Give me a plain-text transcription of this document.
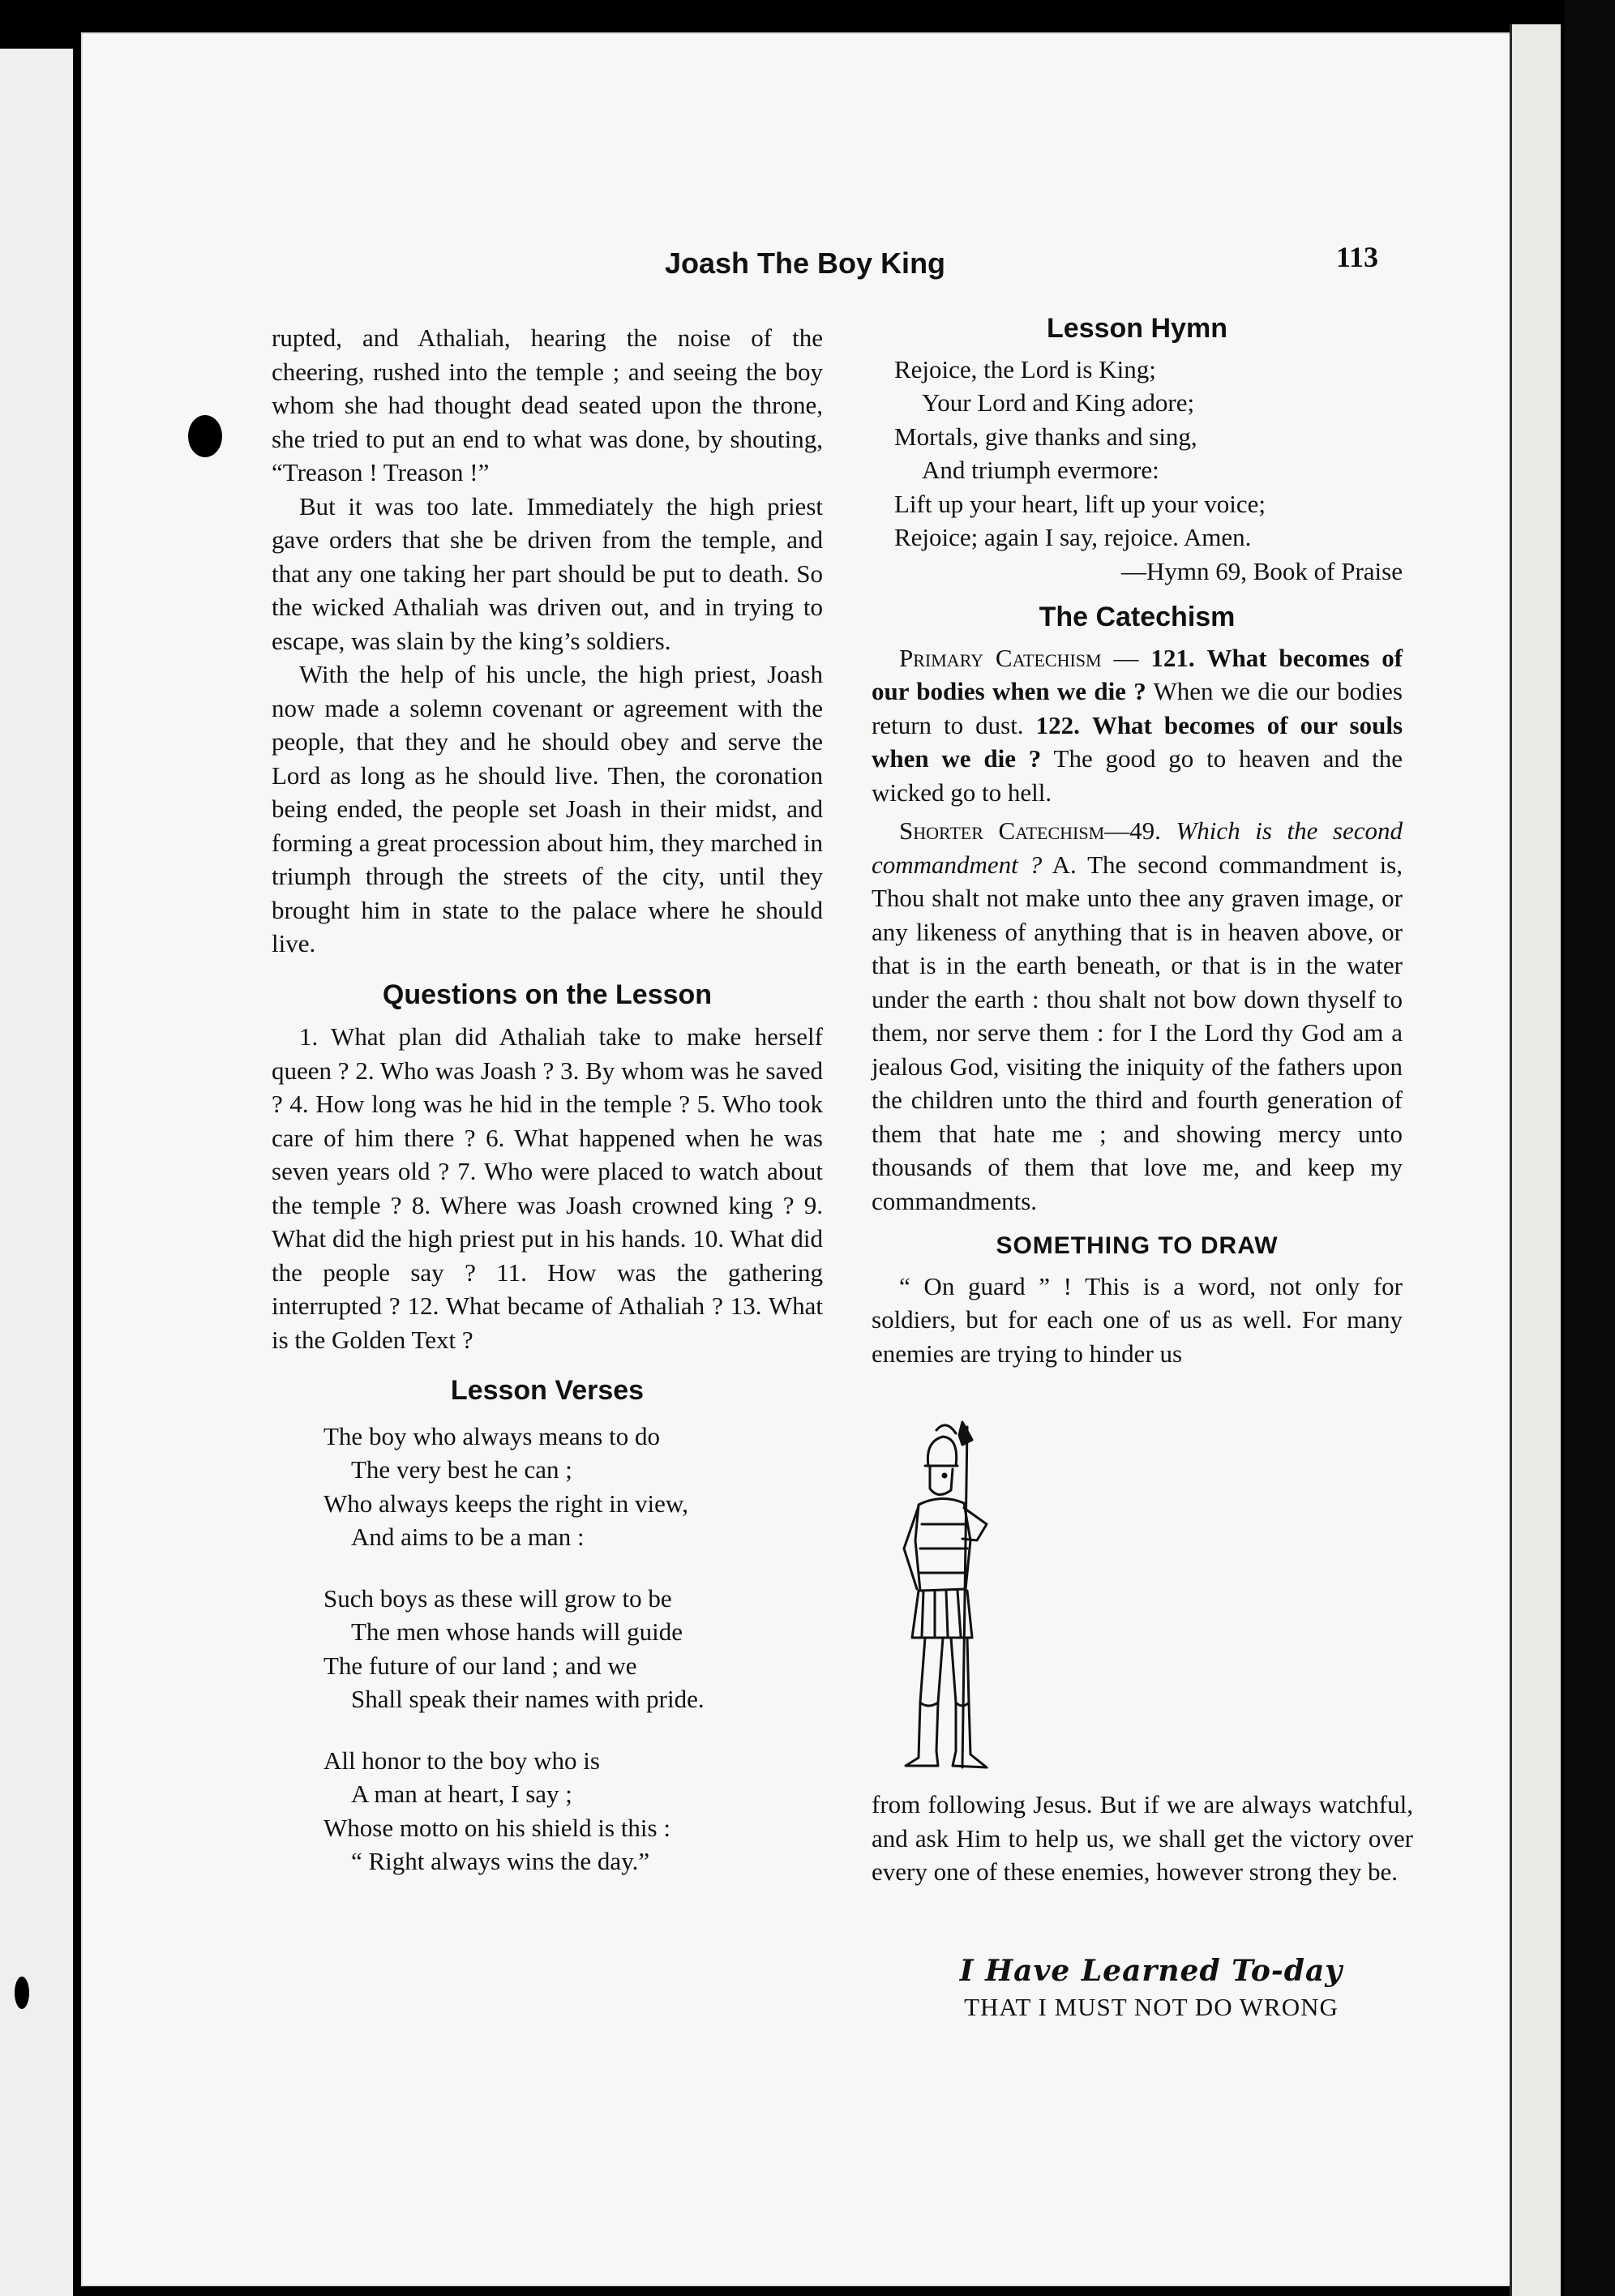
Joash The Boy King	113

rupted, and Athaliah, hearing the noise of the cheering, rushed into the temple ; and seeing the boy whom she had thought dead seated upon the throne, she tried to put an end to what was done, by shouting, “Treason ! Treason !”

But it was too late. Immediately the high priest gave orders that she be driven from the temple, and that any one taking her part should be put to death. So the wicked Athaliah was driven out, and in trying to escape, was slain by the king’s soldiers.

With the help of his uncle, the high priest, Joash now made a solemn covenant or agreement with the people, that they and he should obey and serve the Lord as long as he should live. Then, the coronation being ended, the people set Joash in their midst, and forming a great procession about him, they marched in triumph through the streets of the city, until they brought him in state to the palace where he should live.

Questions on the Lesson

1. What plan did Athaliah take to make herself queen ? 2. Who was Joash ? 3. By whom was he saved ? 4. How long was he hid in the temple ? 5. Who took care of him there ? 6. What happened when he was seven years old ? 7. Who were placed to watch about the temple ? 8. Where was Joash crowned king ? 9. What did the high priest put in his hands. 10. What did the people say ? 11. How was the gathering interrupted ? 12. What became of Athaliah ? 13. What is the Golden Text ?

Lesson Verses
The boy who always means to do
The very best he can ;
Who always keeps the right in view,
And aims to be a man :
Such boys as these will grow to be
The men whose hands will guide
The future of our land ; and we
Shall speak their names with pride.
All honor to the boy who is
A man at heart, I say ;
Whose motto on his shield is this :
“ Right always wins the day.”
Lesson Hymn
Rejoice, the Lord is King;
Your Lord and King adore;
Mortals, give thanks and sing,
And triumph evermore:
Lift up your heart, lift up your voice;
Rejoice; again I say, rejoice. Amen.
—Hymn 69, Book of Praise
The Catechism

Primary Catechism — 121. What becomes of our bodies when we die ? When we die our bodies return to dust. 122. What becomes of our souls when we die ? The good go to heaven and the wicked go to hell.

Shorter Catechism—49. Which is the second commandment ? A. The second commandment is, Thou shalt not make unto thee any graven image, or any likeness of anything that is in heaven above, or that is in the earth beneath, or that is in the water under the earth : thou shalt not bow down thyself to them, nor serve them : for I the Lord thy God am a jealous God, visiting the iniquity of the fathers upon the children unto the third and fourth generation of them that hate me ; and showing mercy unto thousands of them that love me, and keep my commandments.

SOMETHING TO DRAW

“ On guard ” ! This is a word, not only for soldiers, but for each one of us as well. For many enemies are trying to hinder us

from following Jesus. But if we are always watchful, and ask Him to help us, we shall get the victory over every one of these enemies, however strong they be.

I Have Learned To-day
THAT I MUST NOT DO WRONG
